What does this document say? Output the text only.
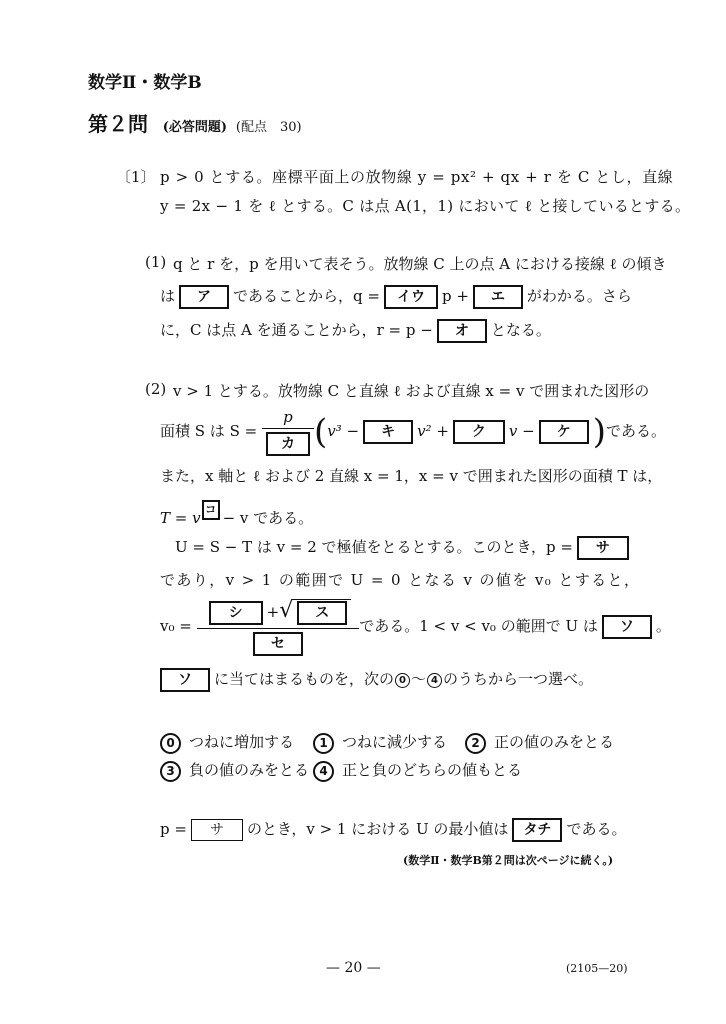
数学Ⅱ・数学B
第２問 (必答問題) (配点　30)
〔1〕 p > 0 とする。座標平面上の放物線 y = px² + qx + r を C とし，直線
y = 2x − 1 を ℓ とする。C は点 A(1，1) において ℓ と接しているとする。
(1) q と r を，p を用いて表そう。放物線 C 上の点 A における接線 ℓ の傾き
は ア であることから，q = イウ p + エ がわかる。さら
に，C は点 A を通ることから，r = p − オ となる。
(2) v > 1 とする。放物線 C と直線 ℓ および直線 x = v で囲まれた図形の
面積 S は $S = \frac{p}{\text{カ}} (v^3$ − キ v² + ク v − ケ )である。
また，x 軸と ℓ および 2 直線 x = 1，x = v で囲まれた図形の面積 T は，
T = v コ − v である。
U = S − T は v = 2 で極値をとるとする。このとき，p = サ
であり，v > 1 の範囲で U = 0 となる v の値を v₀ とすると，
$v_0 = \frac{\text{シ +√ ス}}{\text{セ}}$ である。1 < v < v₀ の範囲で U は ソ 。
ソ に当てはまるものを，次の 0 〜 4 のうちから一つ選べ。
0 つねに増加する	1 つねに減少する	2 正の値のみをとる
3 負の値のみをとる 4 正と負のどちらの値もとる
p = サ のとき，v > 1 における U の最小値は タチ である。
(数学Ⅱ・数学B第２問は次ページに続く。)
— 20 —	(2105—20)
